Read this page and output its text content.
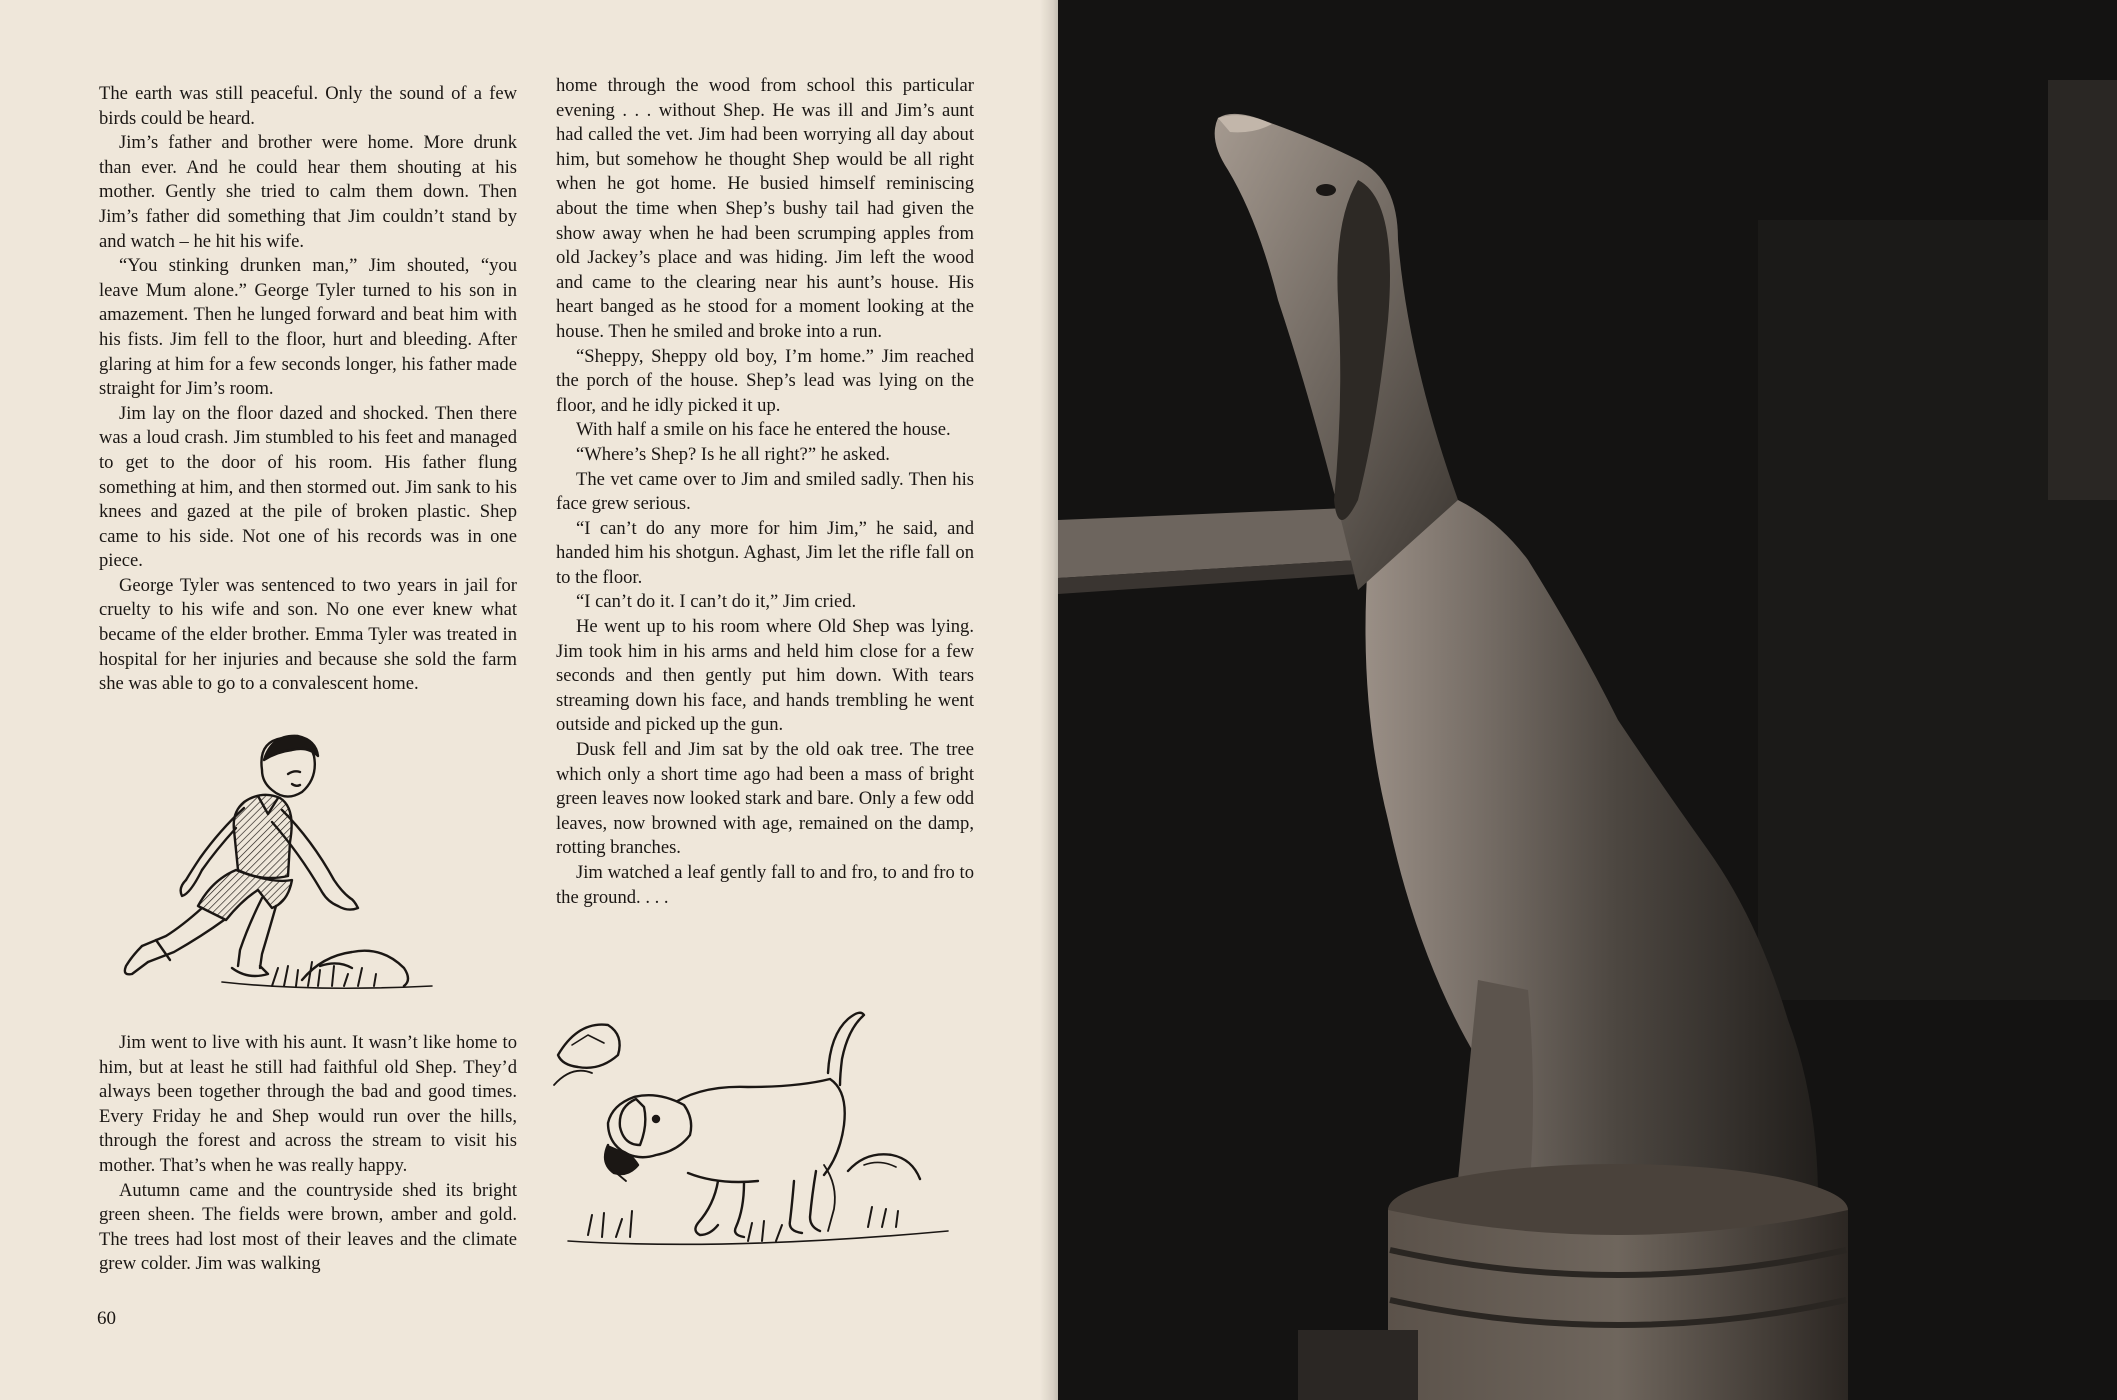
The earth was still peaceful. Only the sound of a few birds could be heard.

Jim’s father and brother were home. More drunk than ever. And he could hear them shouting at his mother. Gently she tried to calm them down. Then Jim’s father did something that Jim couldn’t stand by and watch – he hit his wife.

“You stinking drunken man,” Jim shouted, “you leave Mum alone.” George Tyler turned to his son in amazement. Then he lunged forward and beat him with his fists. Jim fell to the floor, hurt and bleeding. After glaring at him for a few seconds longer, his father made straight for Jim’s room.

Jim lay on the floor dazed and shocked. Then there was a loud crash. Jim stumbled to his feet and managed to get to the door of his room. His father flung something at him, and then stormed out. Jim sank to his knees and gazed at the pile of broken plastic. Shep came to his side. Not one of his records was in one piece.

George Tyler was sentenced to two years in jail for cruelty to his wife and son. No one ever knew what became of the elder brother. Emma Tyler was treated in hospital for her injuries and because she sold the farm she was able to go to a convalescent home.

Jim went to live with his aunt. It wasn’t like home to him, but at least he still had faithful old Shep. They’d always been together through the bad and good times. Every Friday he and Shep would run over the hills, through the forest and across the stream to visit his mother. That’s when he was really happy.

Autumn came and the countryside shed its bright green sheen. The fields were brown, amber and gold. The trees had lost most of their leaves and the climate grew colder. Jim was walking

home through the wood from school this particular evening . . . without Shep. He was ill and Jim’s aunt had called the vet. Jim had been worrying all day about him, but somehow he thought Shep would be all right when he got home. He busied himself reminiscing about the time when Shep’s bushy tail had given the show away when he had been scrumping apples from old Jackey’s place and was hiding. Jim left the wood and came to the clearing near his aunt’s house. His heart banged as he stood for a moment looking at the house. Then he smiled and broke into a run.

“Sheppy, Sheppy old boy, I’m home.” Jim reached the porch of the house. Shep’s lead was lying on the floor, and he idly picked it up.

With half a smile on his face he entered the house.

“Where’s Shep? Is he all right?” he asked.

The vet came over to Jim and smiled sadly. Then his face grew serious.

“I can’t do any more for him Jim,” he said, and handed him his shotgun. Aghast, Jim let the rifle fall on to the floor.

“I can’t do it. I can’t do it,” Jim cried.

He went up to his room where Old Shep was lying. Jim took him in his arms and held him close for a few seconds and then gently put him down. With tears streaming down his face, and hands trembling he went outside and picked up the gun.

Dusk fell and Jim sat by the old oak tree. The tree which only a short time ago had been a mass of bright green leaves now looked stark and bare. Only a few odd leaves, now browned with age, remained on the damp, rotting branches.

Jim watched a leaf gently fall to and fro, to and fro to the ground. . . .

60
